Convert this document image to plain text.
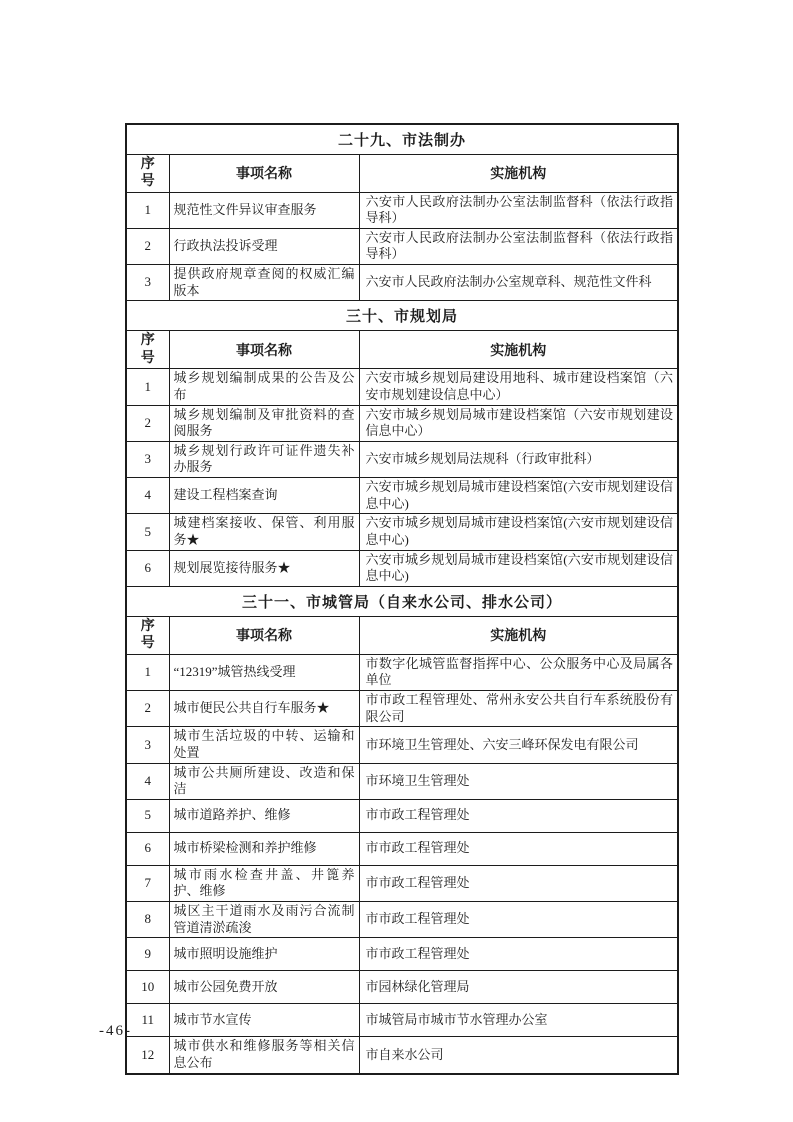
二十九、市法制办		
序号	事项名称	实施机构
1	规范性文件异议审查服务	六安市人民政府法制办公室法制监督科（依法行政指导科）
2	行政执法投诉受理	六安市人民政府法制办公室法制监督科（依法行政指导科）
3	提供政府规章查阅的权威汇编版本	六安市人民政府法制办公室规章科、规范性文件科
三十、市规划局		
序号	事项名称	实施机构
1	城乡规划编制成果的公告及公布	六安市城乡规划局建设用地科、城市建设档案馆（六安市规划建设信息中心）
2	城乡规划编制及审批资料的查阅服务	六安市城乡规划局城市建设档案馆（六安市规划建设信息中心）
3	城乡规划行政许可证件遗失补办服务	六安市城乡规划局法规科（行政审批科）
4	建设工程档案查询	六安市城乡规划局城市建设档案馆(六安市规划建设信息中心)
5	城建档案接收、保管、利用服务★	六安市城乡规划局城市建设档案馆(六安市规划建设信息中心)
6	规划展览接待服务★	六安市城乡规划局城市建设档案馆(六安市规划建设信息中心)
三十一、市城管局（自来水公司、排水公司）		
序号	事项名称	实施机构
1	“12319”城管热线受理	市数字化城管监督指挥中心、公众服务中心及局属各单位
2	城市便民公共自行车服务★	市市政工程管理处、常州永安公共自行车系统股份有限公司
3	城市生活垃圾的中转、运输和处置	市环境卫生管理处、六安三峰环保发电有限公司
4	城市公共厕所建设、改造和保洁	市环境卫生管理处
5	城市道路养护、维修	市市政工程管理处
6	城市桥梁检测和养护维修	市市政工程管理处
7	城市雨水检查井盖、井篦养护、维修	市市政工程管理处
8	城区主干道雨水及雨污合流制管道清淤疏浚	市市政工程管理处
9	城市照明设施维护	市市政工程管理处
10	城市公园免费开放	市园林绿化管理局
11	城市节水宣传	市城管局市城市节水管理办公室
12	城市供水和维修服务等相关信息公布	市自来水公司
-46-
